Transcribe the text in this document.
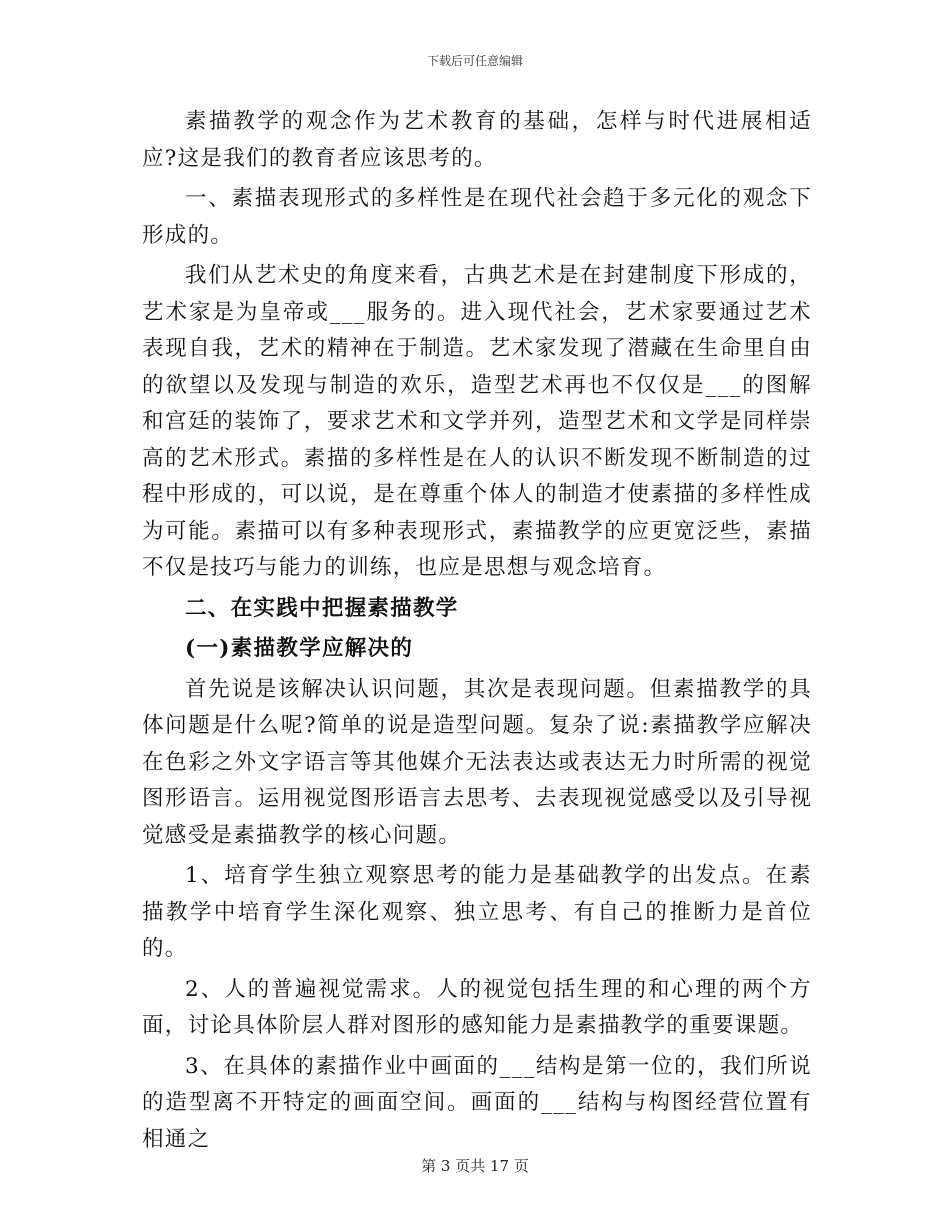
下载后可任意编辑

素描教学的观念作为艺术教育的基础，怎样与时代进展相适应?这是我们的教育者应该思考的。

一、素描表现形式的多样性是在现代社会趋于多元化的观念下形成的。

我们从艺术史的角度来看，古典艺术是在封建制度下形成的，艺术家是为皇帝或___服务的。进入现代社会，艺术家要通过艺术表现自我，艺术的精神在于制造。艺术家发现了潜藏在生命里自由的欲望以及发现与制造的欢乐，造型艺术再也不仅仅是___的图解和宫廷的装饰了，要求艺术和文学并列，造型艺术和文学是同样崇高的艺术形式。素描的多样性是在人的认识不断发现不断制造的过程中形成的，可以说，是在尊重个体人的制造才使素描的多样性成为可能。素描可以有多种表现形式，素描教学的应更宽泛些，素描不仅是技巧与能力的训练，也应是思想与观念培育。

二、在实践中把握素描教学

(一)素描教学应解决的

首先说是该解决认识问题，其次是表现问题。但素描教学的具体问题是什么呢?简单的说是造型问题。复杂了说:素描教学应解决在色彩之外文字语言等其他媒介无法表达或表达无力时所需的视觉图形语言。运用视觉图形语言去思考、去表现视觉感受以及引导视觉感受是素描教学的核心问题。

1、培育学生独立观察思考的能力是基础教学的出发点。在素描教学中培育学生深化观察、独立思考、有自己的推断力是首位的。

2、人的普遍视觉需求。人的视觉包括生理的和心理的两个方面，讨论具体阶层人群对图形的感知能力是素描教学的重要课题。

3、在具体的素描作业中画面的___结构是第一位的，我们所说的造型离不开特定的画面空间。画面的___结构与构图经营位置有相通之

第 3 页共 17 页
